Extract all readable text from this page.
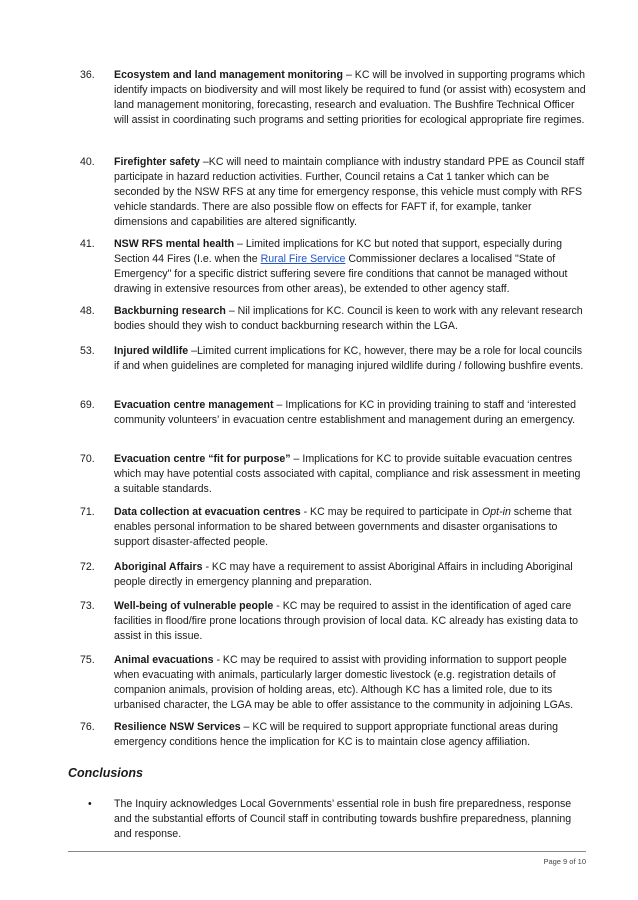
36.	Ecosystem and land management monitoring – KC will be involved in supporting programs which identify impacts on biodiversity and will most likely be required to fund (or assist with) ecosystem and land management monitoring, forecasting, research and evaluation. The Bushfire Technical Officer will assist in coordinating such programs and setting priorities for ecological appropriate fire regimes.
40.	Firefighter safety –KC will need to maintain compliance with industry standard PPE as Council staff participate in hazard reduction activities. Further, Council retains a Cat 1 tanker which can be seconded by the NSW RFS at any time for emergency response, this vehicle must comply with RFS vehicle standards. There are also possible flow on effects for FAFT if, for example, tanker dimensions and capabilities are altered significantly.
41.	NSW RFS mental health – Limited implications for KC but noted that support, especially during Section 44 Fires (I.e. when the Rural Fire Service Commissioner declares a localised "State of Emergency" for a specific district suffering severe fire conditions that cannot be managed without drawing in extensive resources from other areas), be extended to other agency staff.
48.	Backburning research – Nil implications for KC. Council is keen to work with any relevant research bodies should they wish to conduct backburning research within the LGA.
53.	Injured wildlife –Limited current implications for KC, however, there may be a role for local councils if and when guidelines are completed for managing injured wildlife during / following bushfire events.
69.	Evacuation centre management – Implications for KC in providing training to staff and ‘interested community volunteers’ in evacuation centre establishment and management during an emergency.
70.	Evacuation centre “fit for purpose” – Implications for KC to provide suitable evacuation centres which may have potential costs associated with capital, compliance and risk assessment in meeting a suitable standards.
71.	Data collection at evacuation centres - KC may be required to participate in Opt-in scheme that enables personal information to be shared between governments and disaster organisations to support disaster-affected people.
72.	Aboriginal Affairs - KC may have a requirement to assist Aboriginal Affairs in including Aboriginal people directly in emergency planning and preparation.
73.	Well-being of vulnerable people - KC may be required to assist in the identification of aged care facilities in flood/fire prone locations through provision of local data. KC already has existing data to assist in this issue.
75.	Animal evacuations - KC may be required to assist with providing information to support people when evacuating with animals, particularly larger domestic livestock (e.g. registration details of companion animals, provision of holding areas, etc). Although KC has a limited role, due to its urbanised character, the LGA may be able to offer assistance to the community in adjoining LGAs.
76.	Resilience NSW Services – KC will be required to support appropriate functional areas during emergency conditions hence the implication for KC is to maintain close agency affiliation.
Conclusions
• The Inquiry acknowledges Local Governments’ essential role in bush fire preparedness, response and the substantial efforts of Council staff in contributing towards bushfire preparedness, planning and response.
Page 9 of 10
